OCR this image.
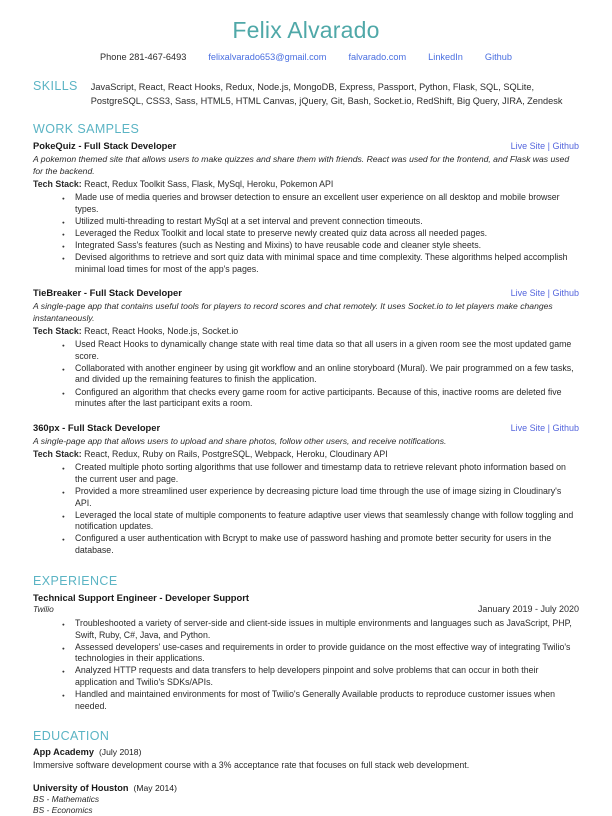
Felix Alvarado
Phone 281-467-6493 felixalvarado653@gmail.com falvarado.com LinkedIn Github
SKILLS JavaScript, React, React Hooks, Redux, Node.js, MongoDB, Express, Passport, Python, Flask, SQL, SQLite, PostgreSQL, CSS3, Sass, HTML5, HTML Canvas, jQuery, Git, Bash, Socket.io, RedShift, Big Query, JIRA, Zendesk
WORK SAMPLES
PokeQuiz - Full Stack Developer	Live Site | Github
A pokemon themed site that allows users to make quizzes and share them with friends. React was used for the frontend, and Flask was used for the backend.
Tech Stack: React, Redux Toolkit Sass, Flask, MySql, Heroku, Pokemon API
● Made use of media queries and browser detection to ensure an excellent user experience on all desktop and mobile browser types.
● Utilized multi-threading to restart MySql at a set interval and prevent connection timeouts.
● Leveraged the Redux Toolkit and local state to preserve newly created quiz data across all needed pages.
● Integrated Sass's features (such as Nesting and Mixins) to have reusable code and cleaner style sheets.
● Devised algorithms to retrieve and sort quiz data with minimal space and time complexity. These algorithms helped accomplish minimal load times for most of the app's pages.
TieBreaker - Full Stack Developer	Live Site | Github
A single-page app that contains useful tools for players to record scores and chat remotely. It uses Socket.io to let players make changes instantaneously.
Tech Stack: React, React Hooks, Node.js, Socket.io
● Used React Hooks to dynamically change state with real time data so that all users in a given room see the most updated game score.
● Collaborated with another engineer by using git workflow and an online storyboard (Mural). We pair programmed on a few tasks, and divided up the remaining features to finish the application.
● Configured an algorithm that checks every game room for active participants. Because of this, inactive rooms are deleted five minutes after the last participant exits a room.
360px - Full Stack Developer	Live Site | Github
A single-page app that allows users to upload and share photos, follow other users, and receive notifications.
Tech Stack: React, Redux, Ruby on Rails, PostgreSQL, Webpack, Heroku, Cloudinary API
● Created multiple photo sorting algorithms that use follower and timestamp data to retrieve relevant photo information based on the current user and page.
● Provided a more streamlined user experience by decreasing picture load time through the use of image sizing in Cloudinary's API.
● Leveraged the local state of multiple components to feature adaptive user views that seamlessly change with follow toggling and notification updates.
● Configured a user authentication with Bcrypt to make use of password hashing and promote better security for users in the database.
EXPERIENCE
Technical Support Engineer - Developer Support
Twilio	January 2019 - July 2020
● Troubleshooted a variety of server-side and client-side issues in multiple environments and languages such as JavaScript, PHP, Swift, Ruby, C#, Java, and Python.
● Assessed developers' use-cases and requirements in order to provide guidance on the most effective way of integrating Twilio's technologies in their applications.
● Analyzed HTTP requests and data transfers to help developers pinpoint and solve problems that can occur in both their application and Twilio's SDKs/APIs.
● Handled and maintained environments for most of Twilio's Generally Available products to reproduce customer issues when needed.
EDUCATION
App Academy (July 2018)
Immersive software development course with a 3% acceptance rate that focuses on full stack web development.
University of Houston (May 2014)
BS - Mathematics
BS - Economics
